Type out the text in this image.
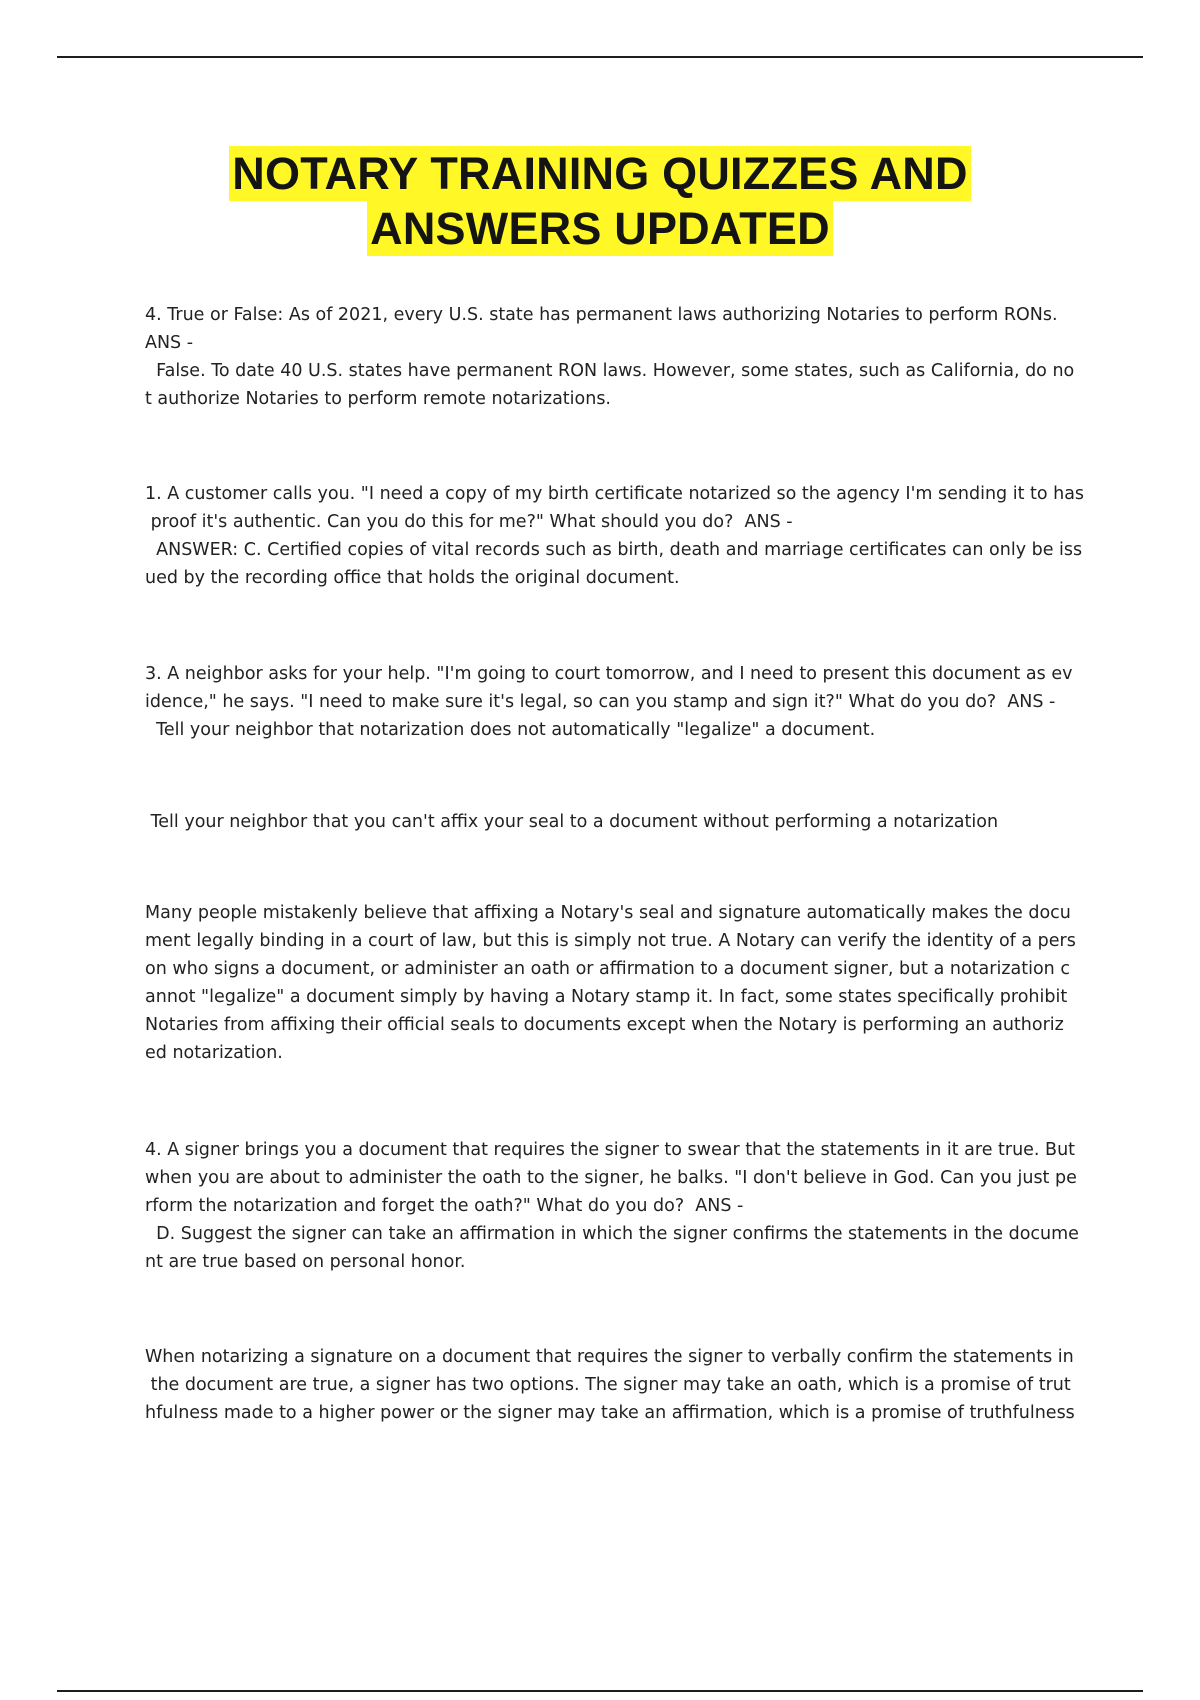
NOTARY TRAINING QUIZZES AND
ANSWERS UPDATED

4. True or False: As of 2021, every U.S. state has permanent laws authorizing Notaries to perform RONs.
ANS -
False. To date 40 U.S. states have permanent RON laws. However, some states, such as California, do no
t authorize Notaries to perform remote notarizations.

1. A customer calls you. "I need a copy of my birth certificate notarized so the agency I'm sending it to has
proof it's authentic. Can you do this for me?" What should you do?  ANS -
ANSWER: C. Certified copies of vital records such as birth, death and marriage certificates can only be iss
ued by the recording office that holds the original document.

3. A neighbor asks for your help. "I'm going to court tomorrow, and I need to present this document as ev
idence," he says. "I need to make sure it's legal, so can you stamp and sign it?" What do you do?  ANS -
Tell your neighbor that notarization does not automatically "legalize" a document.

Tell your neighbor that you can't affix your seal to a document without performing a notarization

Many people mistakenly believe that affixing a Notary's seal and signature automatically makes the docu
ment legally binding in a court of law, but this is simply not true. A Notary can verify the identity of a pers
on who signs a document, or administer an oath or affirmation to a document signer, but a notarization c
annot "legalize" a document simply by having a Notary stamp it. In fact, some states specifically prohibit
Notaries from affixing their official seals to documents except when the Notary is performing an authoriz
ed notarization.

4. A signer brings you a document that requires the signer to swear that the statements in it are true. But
when you are about to administer the oath to the signer, he balks. "I don't believe in God. Can you just pe
rform the notarization and forget the oath?" What do you do?  ANS -
D. Suggest the signer can take an affirmation in which the signer confirms the statements in the docume
nt are true based on personal honor.

When notarizing a signature on a document that requires the signer to verbally confirm the statements in
the document are true, a signer has two options. The signer may take an oath, which is a promise of trut
hfulness made to a higher power or the signer may take an affirmation, which is a promise of truthfulness
